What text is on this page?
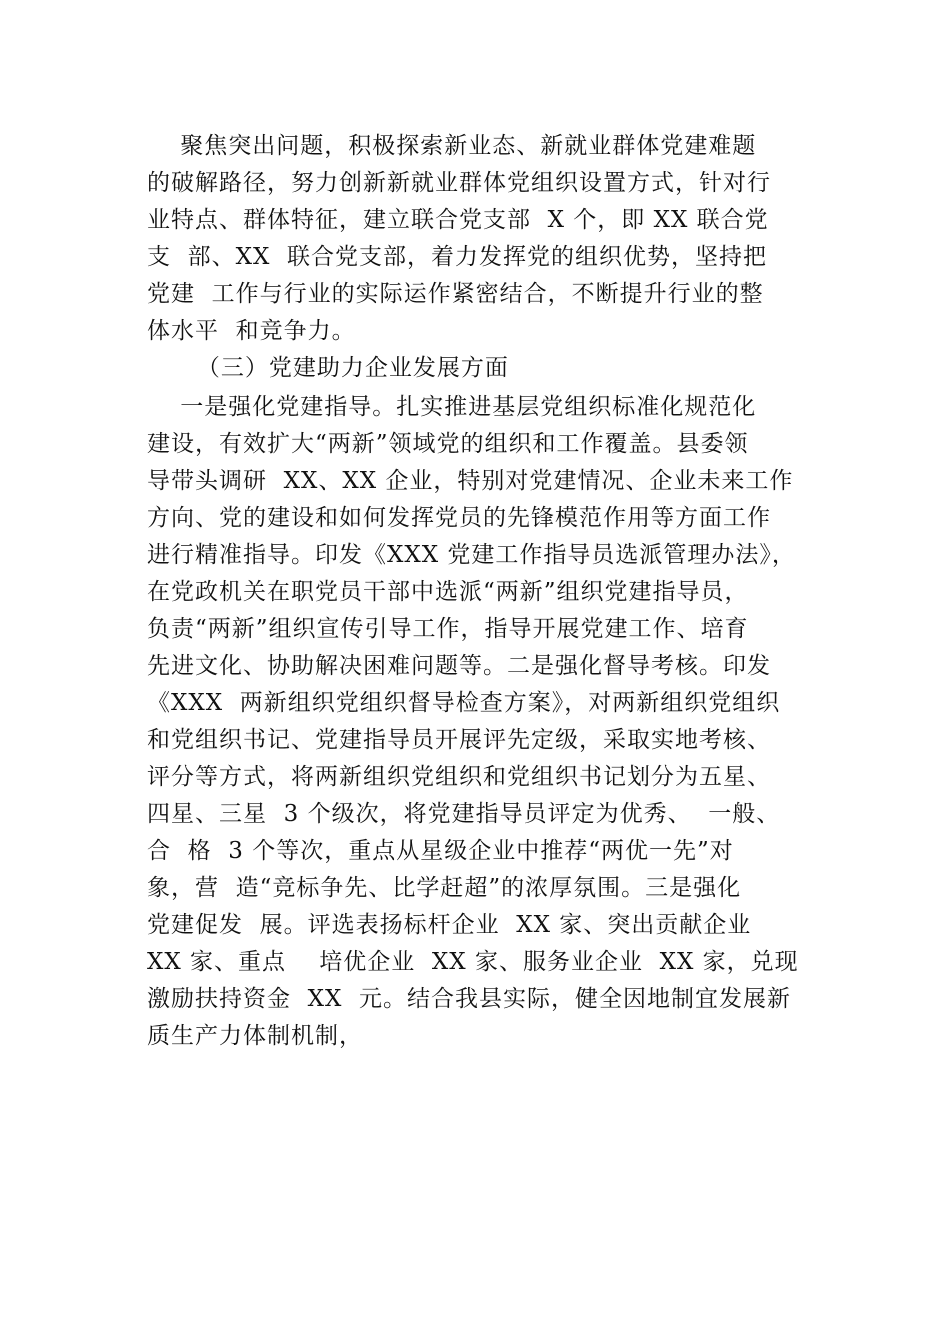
聚焦突出问题，积极探索新业态、新就业群体党建难题
的破解路径，努力创新新就业群体党组织设置方式，针对行
业特点、群体特征，建立联合党支部  X 个，即 XX 联合党
支  部、XX  联合党支部，着力发挥党的组织优势，坚持把
党建  工作与行业的实际运作紧密结合，不断提升行业的整
体水平  和竞争力。
（三）党建助力企业发展方面
一是强化党建指导。扎实推进基层党组织标准化规范化
建设，有效扩大“两新”领域党的组织和工作覆盖。县委领
导带头调研  XX、XX 企业，特别对党建情况、企业未来工作
方向、党的建设和如何发挥党员的先锋模范作用等方面工作
进行精准指导。印发《XXX 党建工作指导员选派管理办法》，
在党政机关在职党员干部中选派“两新”组织党建指导员，
负责“两新”组织宣传引导工作，指导开展党建工作、培育
先进文化、协助解决困难问题等。二是强化督导考核。印发
《XXX  两新组织党组织督导检查方案》，对两新组织党组织
和党组织书记、党建指导员开展评先定级，采取实地考核、
评分等方式，将两新组织党组织和党组织书记划分为五星、
四星、三星  3 个级次，将党建指导员评定为优秀、  一般、
合  格  3 个等次，重点从星级企业中推荐“两优一先”对
象，营  造“竞标争先、比学赶超”的浓厚氛围。三是强化
党建促发  展。评选表扬标杆企业  XX 家、突出贡献企业
XX 家、重点    培优企业  XX 家、服务业企业  XX 家，兑现
激励扶持资金  XX  元。结合我县实际，健全因地制宜发展新
质生产力体制机制，
